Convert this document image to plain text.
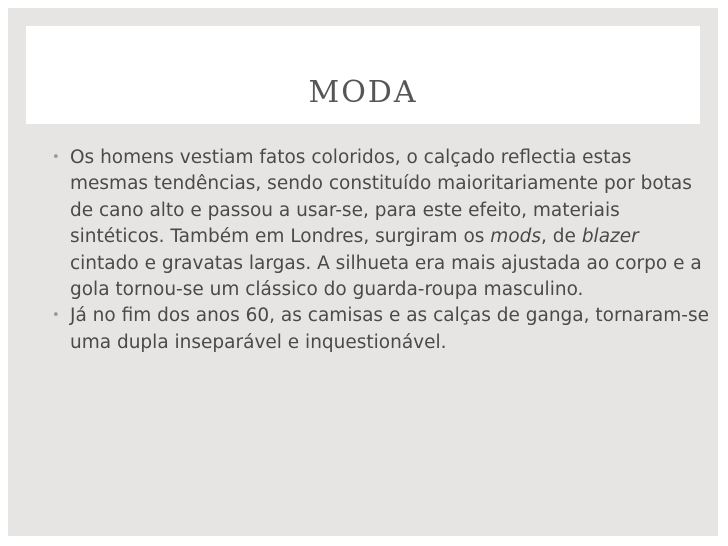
MODA

• Os homens vestiam fatos coloridos, o calçado reflectia estas mesmas tendências, sendo constituído maioritariamente por botas de cano alto e passou a usar-se, para este efeito, materiais sintéticos. Também em Londres, surgiram os mods, de blazer cintado e gravatas largas. A silhueta era mais ajustada ao corpo e a gola tornou-se um clássico do guarda-roupa masculino.

• Já no fim dos anos 60, as camisas e as calças de ganga, tornaram-se uma dupla inseparável e inquestionável.
